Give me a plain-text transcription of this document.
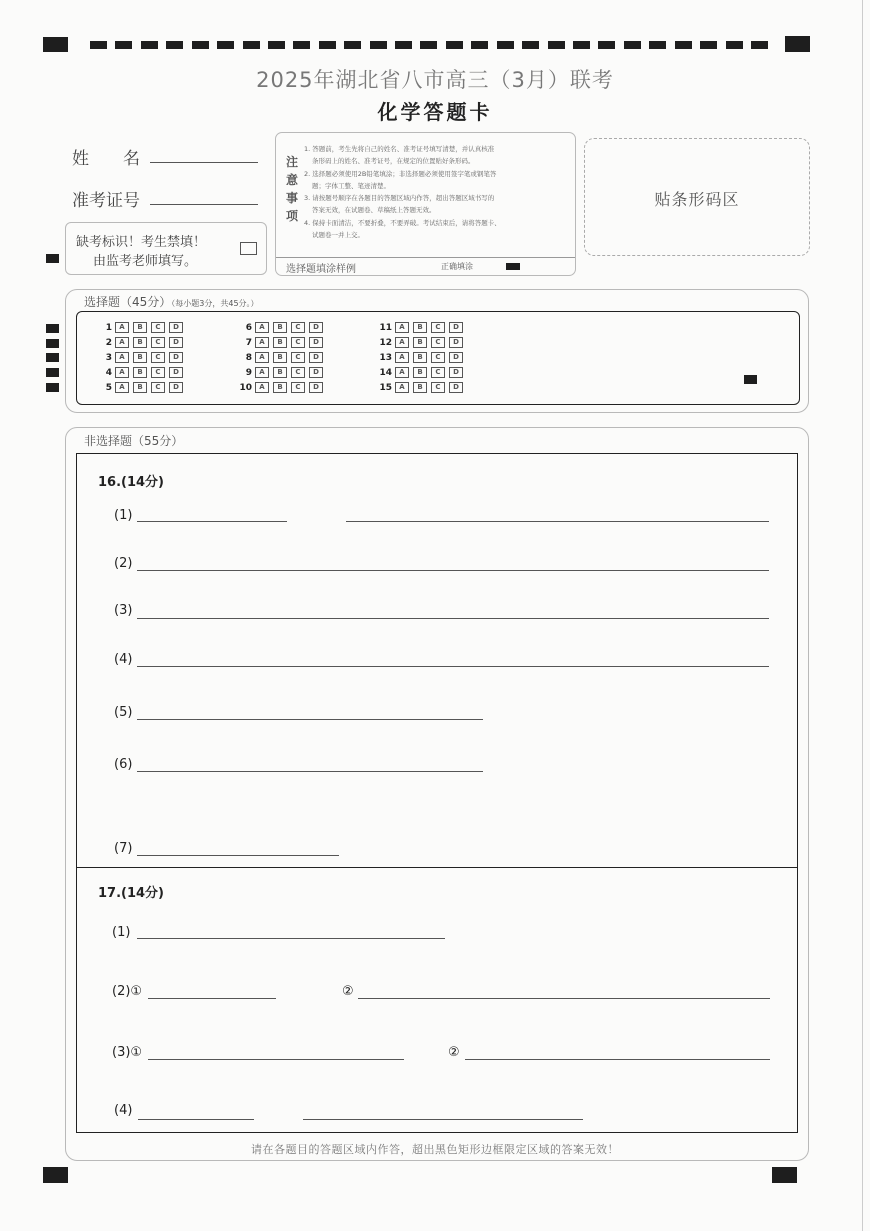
2025年湖北省八市高三（3月）联考
化学答题卡
姓　　名
准考证号
缺考标识！考生禁填！
由监考老师填写。
注
意
事
项
1. 答题前，考生先将自己的姓名、准考证号填写清楚，并认真核准
条形码上的姓名、准考证号，在规定的位置贴好条形码。
2. 选择题必须使用2B铅笔填涂；非选择题必须使用签字笔或钢笔答
题；字体工整、笔迹清楚。
3. 请按题号顺序在各题目的答题区域内作答，超出答题区域书写的
答案无效，在试题卷、草稿纸上答题无效。
4. 保持卡面清洁，不要折叠，不要弄破。考试结束后，请将答题卡、
试题卷一并上交。
选择题填涂样例	正确填涂
贴条形码区
选择题（45分）（每小题3分，共45分。）
1	A	B	C	D
2	A	B	C	D
3	A	B	C	D
4	A	B	C	D
5	A	B	C	D
6	A	B	C	D
7	A	B	C	D
8	A	B	C	D
9	A	B	C	D
10	A	B	C	D
11	A	B	C	D
12	A	B	C	D
13	A	B	C	D
14	A	B	C	D
15	A	B	C	D
非选择题（55分）
16.(14分)
(1)
(2)
(3)
(4)
(5)
(6)
(7)
17.(14分)
(1)
(2)①	②
(3)①	②
(4)
请在各题目的答题区域内作答，超出黑色矩形边框限定区域的答案无效！
